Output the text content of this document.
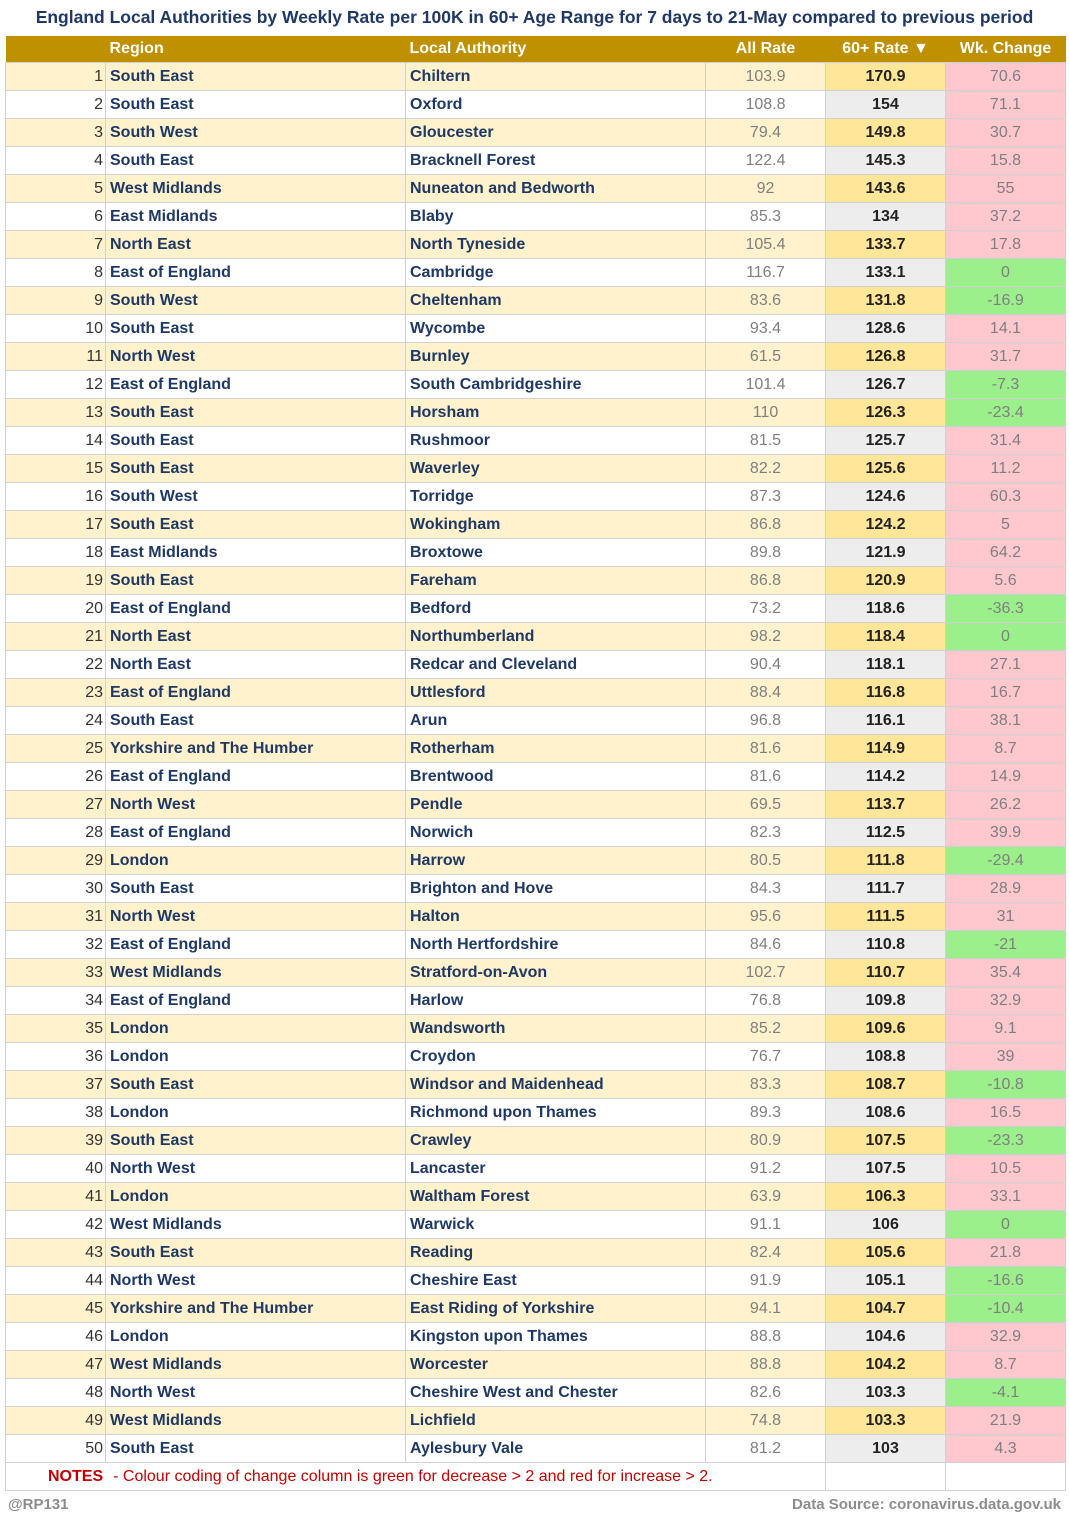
England Local Authorities by Weekly Rate per 100K in 60+ Age Range for 7 days to 21-May compared to previous period
	Region	Local Authority	All Rate	60+ Rate ▼	Wk. Change
1	South East	Chiltern	103.9	170.9	70.6
2	South East	Oxford	108.8	154	71.1
3	South West	Gloucester	79.4	149.8	30.7
4	South East	Bracknell Forest	122.4	145.3	15.8
5	West Midlands	Nuneaton and Bedworth	92	143.6	55
6	East Midlands	Blaby	85.3	134	37.2
7	North East	North Tyneside	105.4	133.7	17.8
8	East of England	Cambridge	116.7	133.1	0
9	South West	Cheltenham	83.6	131.8	-16.9
10	South East	Wycombe	93.4	128.6	14.1
11	North West	Burnley	61.5	126.8	31.7
12	East of England	South Cambridgeshire	101.4	126.7	-7.3
13	South East	Horsham	110	126.3	-23.4
14	South East	Rushmoor	81.5	125.7	31.4
15	South East	Waverley	82.2	125.6	11.2
16	South West	Torridge	87.3	124.6	60.3
17	South East	Wokingham	86.8	124.2	5
18	East Midlands	Broxtowe	89.8	121.9	64.2
19	South East	Fareham	86.8	120.9	5.6
20	East of England	Bedford	73.2	118.6	-36.3
21	North East	Northumberland	98.2	118.4	0
22	North East	Redcar and Cleveland	90.4	118.1	27.1
23	East of England	Uttlesford	88.4	116.8	16.7
24	South East	Arun	96.8	116.1	38.1
25	Yorkshire and The Humber	Rotherham	81.6	114.9	8.7
26	East of England	Brentwood	81.6	114.2	14.9
27	North West	Pendle	69.5	113.7	26.2
28	East of England	Norwich	82.3	112.5	39.9
29	London	Harrow	80.5	111.8	-29.4
30	South East	Brighton and Hove	84.3	111.7	28.9
31	North West	Halton	95.6	111.5	31
32	East of England	North Hertfordshire	84.6	110.8	-21
33	West Midlands	Stratford-on-Avon	102.7	110.7	35.4
34	East of England	Harlow	76.8	109.8	32.9
35	London	Wandsworth	85.2	109.6	9.1
36	London	Croydon	76.7	108.8	39
37	South East	Windsor and Maidenhead	83.3	108.7	-10.8
38	London	Richmond upon Thames	89.3	108.6	16.5
39	South East	Crawley	80.9	107.5	-23.3
40	North West	Lancaster	91.2	107.5	10.5
41	London	Waltham Forest	63.9	106.3	33.1
42	West Midlands	Warwick	91.1	106	0
43	South East	Reading	82.4	105.6	21.8
44	North West	Cheshire East	91.9	105.1	-16.6
45	Yorkshire and The Humber	East Riding of Yorkshire	94.1	104.7	-10.4
46	London	Kingston upon Thames	88.8	104.6	32.9
47	West Midlands	Worcester	88.8	104.2	8.7
48	North West	Cheshire West and Chester	82.6	103.3	-4.1
49	West Midlands	Lichfield	74.8	103.3	21.9
50	South East	Aylesbury Vale	81.2	103	4.3
NOTES - Colour coding of change column is green for decrease > 2 and red for increase > 2.					
@RP131	Data Source: coronavirus.data.gov.uk
